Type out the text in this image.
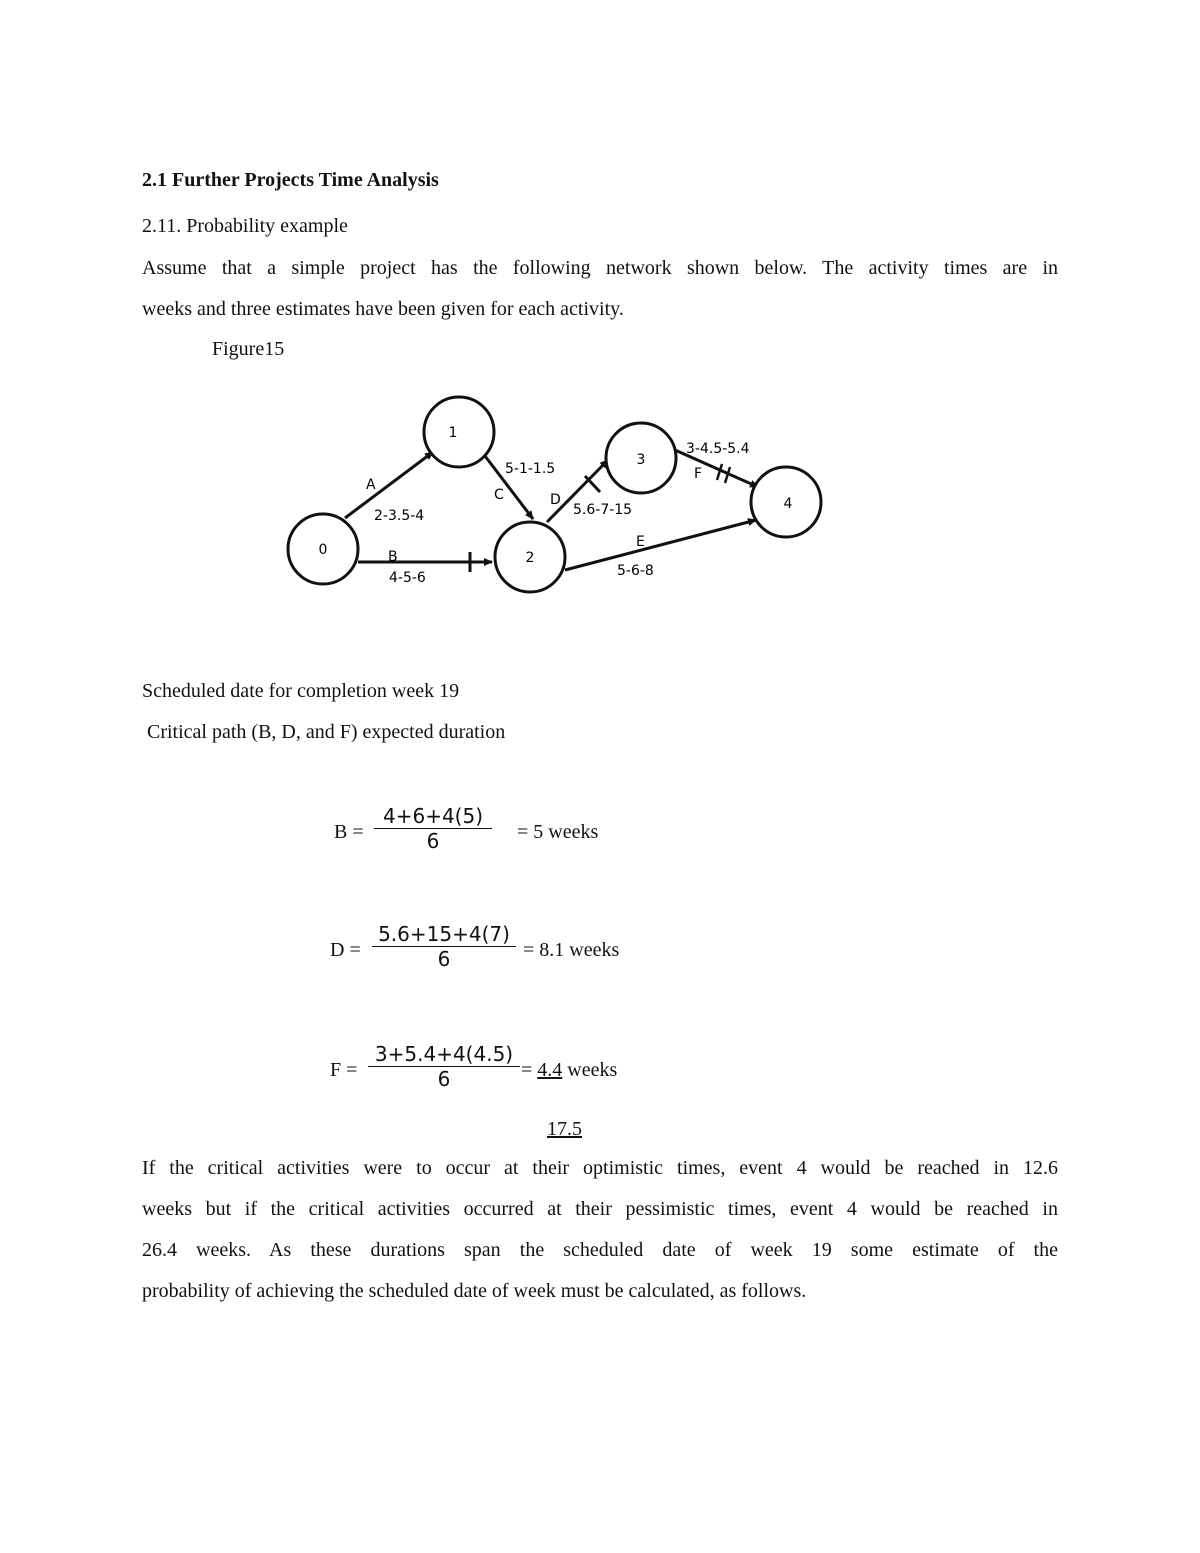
2.1 Further Projects Time Analysis
2.11. Probability example
Assume that a simple project has the following network shown below. The activity times are in
weeks and three estimates have been given for each activity.
Figure15
0
1
2
3
4
A
B
C	D
E
F
2-3.5-4
4-5-6
5-1-1.5
5.6-7-15
5-6-8
3-4.5-5.4
Scheduled date for completion week 19
Critical path (B, D, and F) expected duration
B =
4+6+4(5)
6	= 5 weeks
D =
5.6+15+4(7)
6	= 8.1 weeks
F =
3+5.4+4(4.5)
6	= 4.4 weeks
17.5
If the critical activities were to occur at their optimistic times, event 4 would be reached in 12.6
weeks but if the critical activities occurred at their pessimistic times, event 4 would be reached in
26.4 weeks. As these durations span the scheduled date of week 19 some estimate of the
probability of achieving the scheduled date of week must be calculated, as follows.
